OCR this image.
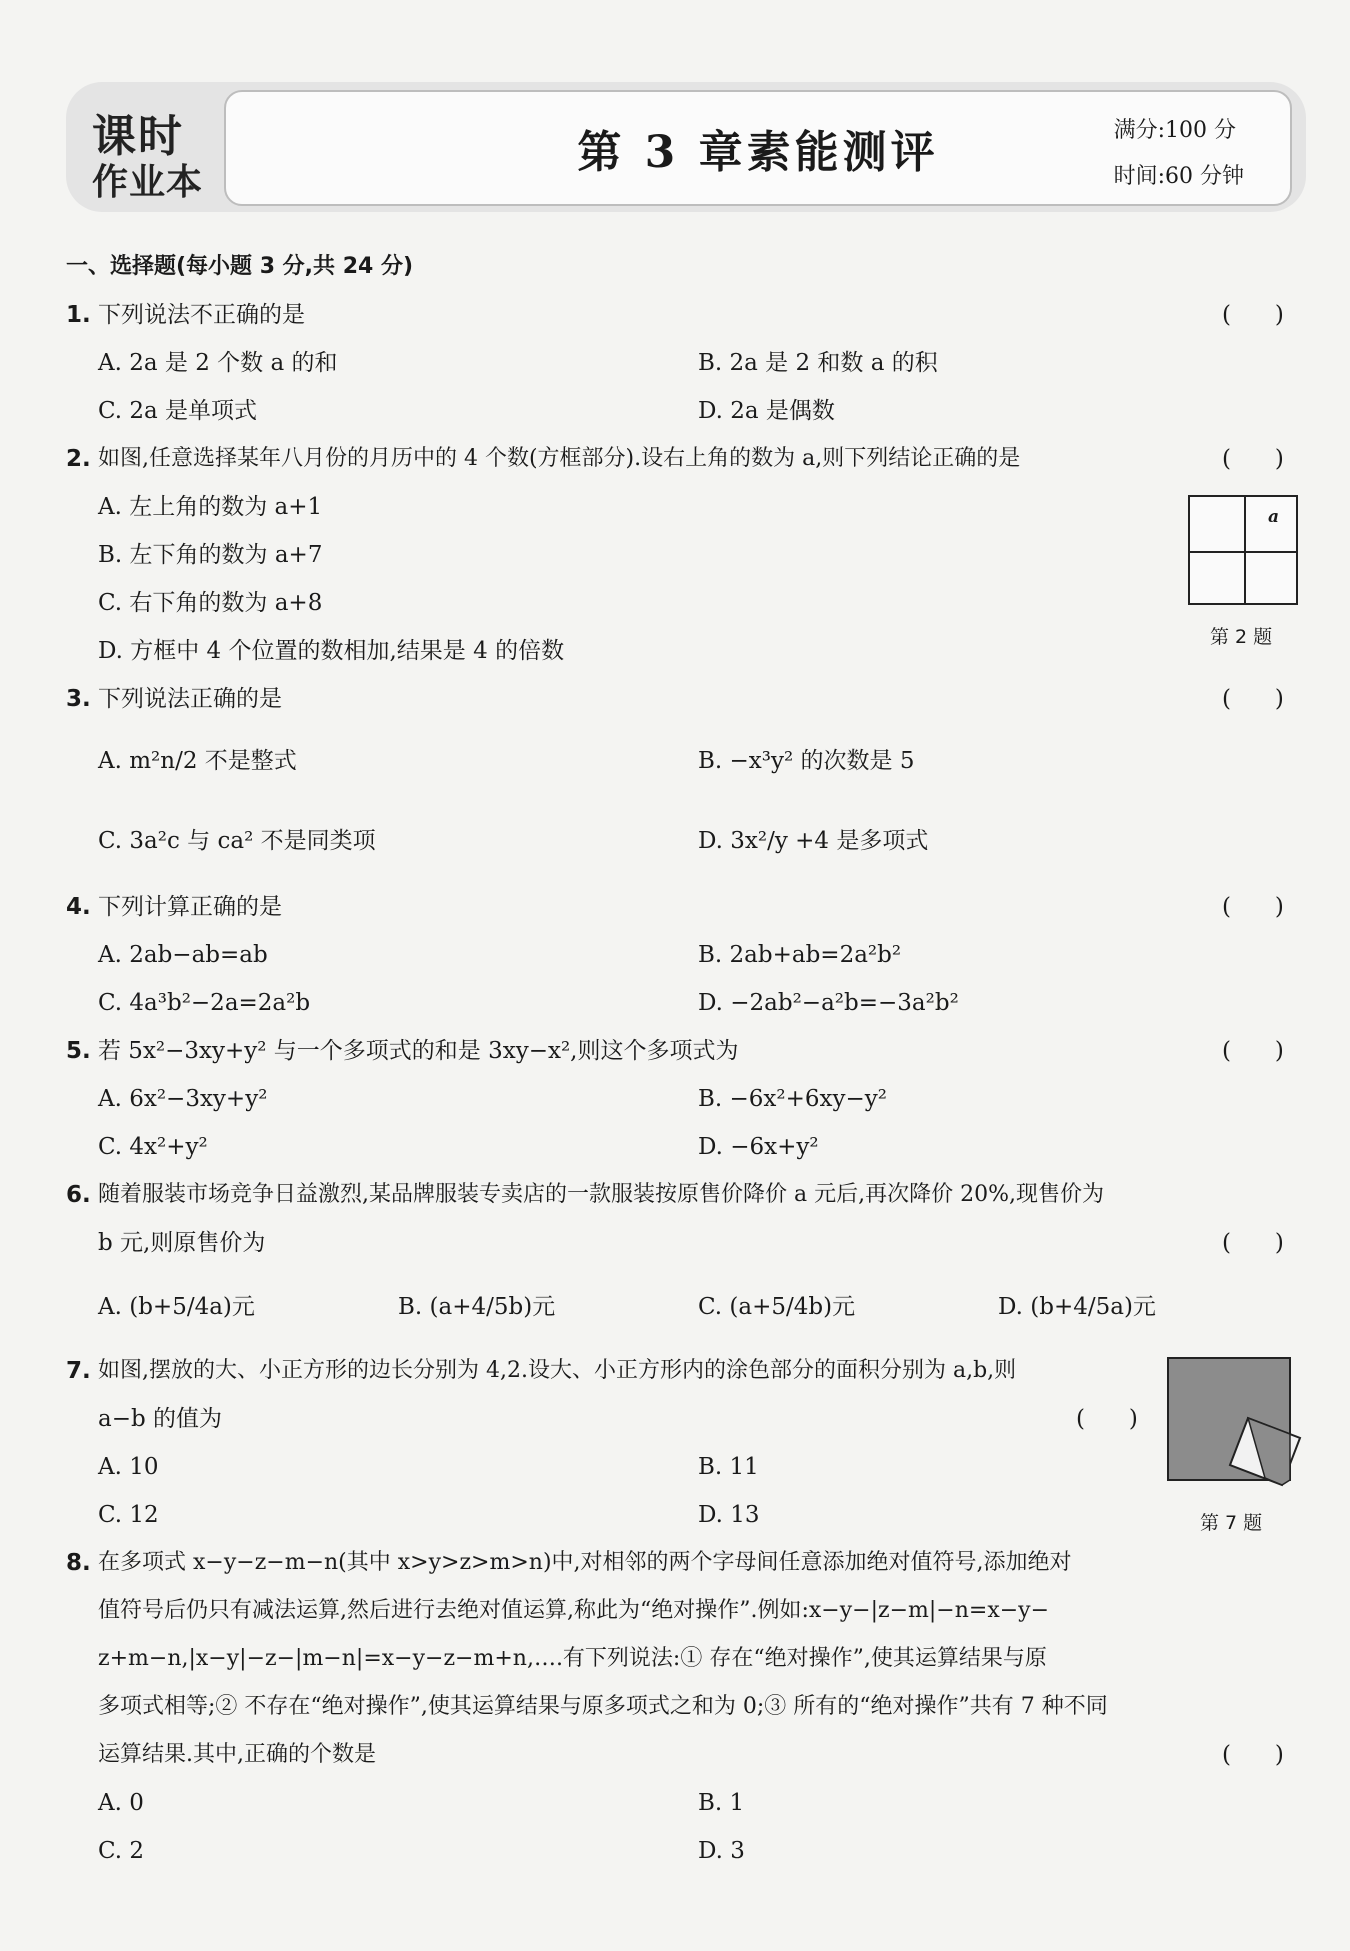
课时
作业本
第 3 章素能测评	满分:100 分
时间:60 分钟
一、选择题(每小题 3 分,共 24 分)
1. 下列说法不正确的是	(      )
A. 2a 是 2 个数 a 的和	B. 2a 是 2 和数 a 的积
C. 2a 是单项式	D. 2a 是偶数
2. 如图,任意选择某年八月份的月历中的 4 个数(方框部分).设右上角的数为 a,则下列结论正确的是	(      )
A. 左上角的数为 a+1
B. 左下角的数为 a+7
C. 右下角的数为 a+8
D. 方框中 4 个位置的数相加,结果是 4 的倍数
a
第 2 题
3. 下列说法正确的是	(      )
A. m²n/2 不是整式	B. −x³y² 的次数是 5
C. 3a²c 与 ca² 不是同类项	D. 3x²/y +4 是多项式
4. 下列计算正确的是	(      )
A. 2ab−ab=ab	B. 2ab+ab=2a²b²
C. 4a³b²−2a=2a²b	D. −2ab²−a²b=−3a²b²
5. 若 5x²−3xy+y² 与一个多项式的和是 3xy−x²,则这个多项式为	(      )
A. 6x²−3xy+y²	B. −6x²+6xy−y²
C. 4x²+y²	D. −6x+y²
6. 随着服装市场竞争日益激烈,某品牌服装专卖店的一款服装按原售价降价 a 元后,再次降价 20%,现售价为
b 元,则原售价为	(      )
A. (b+5/4a)元	B. (a+4/5b)元	C. (a+5/4b)元	D. (b+4/5a)元
7. 如图,摆放的大、小正方形的边长分别为 4,2.设大、小正方形内的涂色部分的面积分别为 a,b,则
a−b 的值为	(      )
A. 10	B. 11
C. 12	D. 13	第 7 题
8. 在多项式 x−y−z−m−n(其中 x>y>z>m>n)中,对相邻的两个字母间任意添加绝对值符号,添加绝对
值符号后仍只有减法运算,然后进行去绝对值运算,称此为“绝对操作”.例如:x−y−|z−m|−n=x−y−
z+m−n,|x−y|−z−|m−n|=x−y−z−m+n,….有下列说法:① 存在“绝对操作”,使其运算结果与原
多项式相等;② 不存在“绝对操作”,使其运算结果与原多项式之和为 0;③ 所有的“绝对操作”共有 7 种不同
运算结果.其中,正确的个数是	(      )
A. 0	B. 1
C. 2	D. 3
